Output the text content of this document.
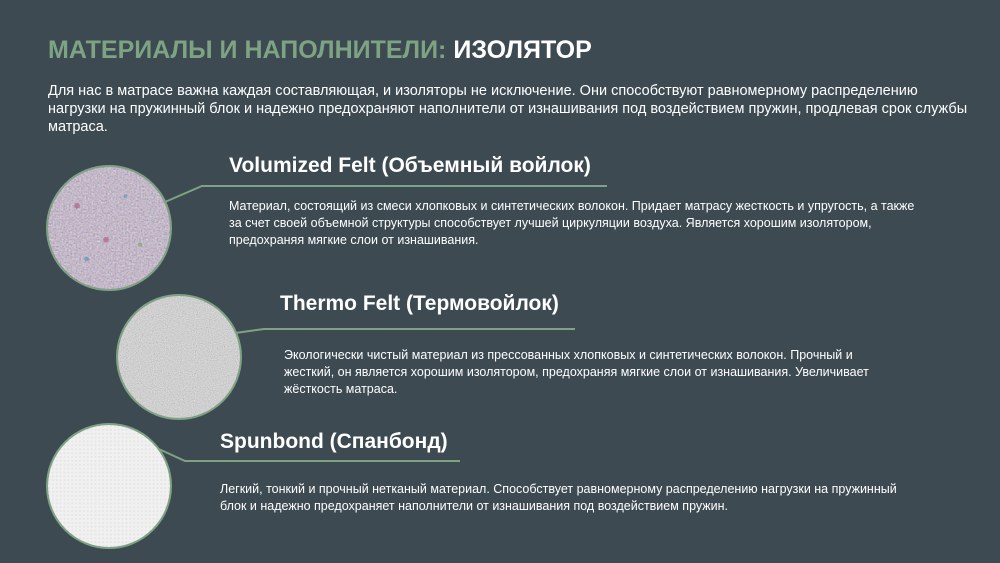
МАТЕРИАЛЫ И НАПОЛНИТЕЛИ: ИЗОЛЯТОР

Для нас в матрасе важна каждая составляющая, и изоляторы не исключение. Они способствуют равномерному распределению нагрузки на пружинный блок и надежно предохраняют наполнители от изнашивания под воздействием пружин, продлевая срок службы матраса.

Volumized Felt (Объемный войлок)

Материал, состоящий из смеси хлопковых и синтетических волокон. Придает матрасу жесткость и упругость, а также за счет своей объемной структуры способствует лучшей циркуляции воздуха. Является хорошим изолятором, предохраняя мягкие слои от изнашивания.

Thermo Felt (Термовойлок)

Экологически чистый материал из прессованных хлопковых и синтетических волокон. Прочный и жесткий, он является хорошим изолятором, предохраняя мягкие слои от изнашивания. Увеличивает жёсткость матраса.

Spunbond (Спанбонд)

Легкий, тонкий и прочный нетканый материал. Способствует равномерному распределению нагрузки на пружинный блок и надежно предохраняет наполнители от изнашивания под воздействием пружин.
